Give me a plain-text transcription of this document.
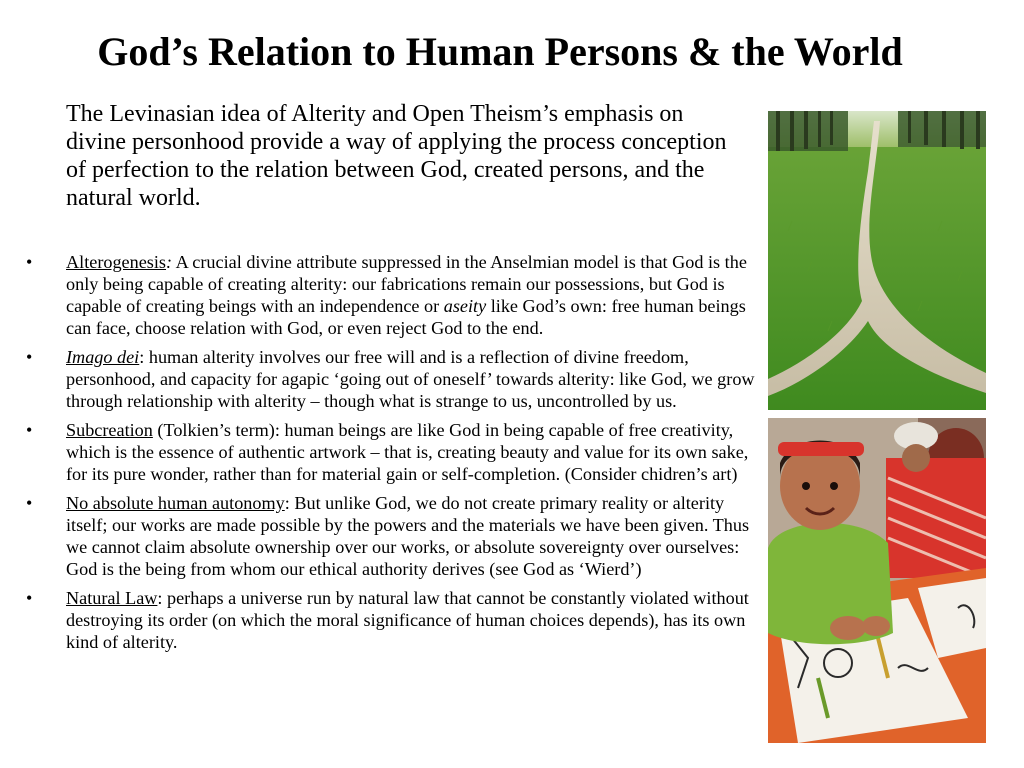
God’s Relation to Human Persons & the World

The Levinasian idea of Alterity and Open Theism’s emphasis on divine personhood provide a way of applying the process conception of perfection to the relation between God, created persons, and the natural world.

• Alterogenesis: A crucial divine attribute suppressed in the Anselmian model is that God is the only being capable of creating alterity: our fabrications remain our possessions, but God is capable of creating beings with an independence or aseity like God’s own: free human beings can face, choose relation with God, or even reject God to the end.
• Imago dei: human alterity involves our free will and is a reflection of divine freedom, personhood, and capacity for agapic ‘going out of oneself’ towards alterity: like God, we grow through relationship with alterity – though what is strange to us, uncontrolled by us.
• Subcreation (Tolkien’s term): human beings are like God in being capable of free creativity, which is the essence of authentic artwork – that is, creating beauty and value for its own sake, for its pure wonder, rather than for material gain or self-completion. (Consider chidren’s art)
• No absolute human autonomy: But unlike God, we do not create primary reality or alterity itself; our works are made possible by the powers and the materials we have been given. Thus we cannot claim absolute ownership over our works, or absolute sovereignty over ourselves: God is the being from whom our ethical authority derives (see God as ‘Wierd’)
• Natural Law: perhaps a universe run by natural law that cannot be constantly violated without destroying its order (on which the moral significance of human choices depends), has its own kind of alterity.
